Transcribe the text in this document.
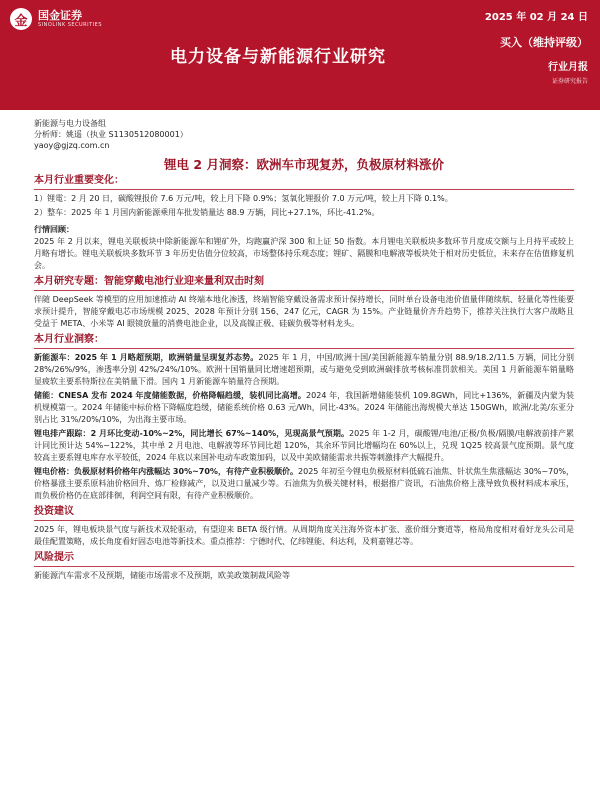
金 国金证券
SINOLINK SECURITIES
2025 年 02 月 24 日
电力设备与新能源行业研究
买入（维持评级）
行业月报
证券研究报告
新能源与电力设备组
分析师：姚遥（执业 S1130512080001）
yaoy@gjzq.com.cn
锂电 2 月洞察：欧洲车市现复苏，负极原材料涨价
本月行业重要变化：

1）锂電：2 月 20 日，碳酸锂报价 7.6 万元/吨，较上月下降 0.9%；氢氧化锂报价 7.0 万元/吨，较上月下降 0.1%。

2）整车：2025 年 1 月国内新能源乘用车批发销量达 88.9 万辆，同比+27.1%，环比-41.2%。

行情回顾：

2025 年 2 月以来，锂电关联板块中除新能源车和锂矿外，均跑赢沪深 300 和上证 50 指数。本月锂电关联板块多数环节月度成交额与上月持平或较上月略有增长。锂电关联板块多数环节 3 年历史估值分位较高，市场整体持乐观态度；锂矿、隔膜和电解液等板块处于相对历史低位，未来存在估值修复机会。

本月研究专题：智能穿戴电池行业迎来量利双击时刻

伴随 DeepSeek 等模型的应用加速推动 AI 终端本地化渗透，终端智能穿戴设备需求预计保持增长，同时单台设备电池价值量伴随续航、轻量化等性能要求预计提升，智能穿戴电芯市场规模 2025、2028 年预计分别 156、247 亿元，CAGR 为 15%。产业链量价齐升趋势下，推荐关注执行大客户战略且受益于 META、小米等 AI 眼镜放量的消费电池企业，以及高镍正极、硅碳负极等材料龙头。

本月行业洞察：

新能源车：2025 年 1 月略超预期，欧洲销量呈现复苏态势。2025 年 1 月，中国/欧洲十国/美国新能源车销量分别 88.9/18.2/11.5 万辆，同比分别 28%/26%/9%，渗透率分别 42%/24%/10%。欧洲十国销量同比增速超预期，或与避免受到欧洲碳排放考核标准罚款相关。美国 1 月新能源车销量略显疲软主要系特斯拉在美销量下滑。国内 1 月新能源车销量符合预期。

储能：CNESA 发布 2024 年度储能数据，价格降幅趋缓，装机同比高增。2024 年，我国新增储能装机 109.8GWh，同比+136%，新疆及内蒙为装机规模第一。2024 年储能中标价格下降幅度趋缓，储能系统价格 0.63 元/Wh，同比-43%。2024 年储能出海规模大单达 150GWh，欧洲/北美/东亚分别占比 31%/20%/10%，为出海主要市场。

锂电排产跟踪：2 月环比变动-10%~2%，同比增长 67%~140%，见现高景气预期。2025 年 1-2 月，碳酸锂/电池/正极/负极/隔膜/电解液前排产累计同比预计达 54%~122%，其中单 2 月电池、电解液等环节同比超 120%，其余环节同比增幅均在 60%以上，兑现 1Q25 较高景气度预期。景气度较高主要系锂电库存水平较低，2024 年底以来国补电动车政策加码，以及中美欧储能需求共振等刺激排产大幅提升。

锂电价格：负极原材料价格年内涨幅达 30%~70%，有待产业积极顺价。2025 年初至今锂电负极原材料低硫石油焦、针状焦生焦涨幅达 30%~70%，价格暴涨主要系原料油价格回升、炼厂检修减产，以及进口量减少等。石油焦为负极关键材料，根据推广资讯，石油焦价格上涨导致负极材料成本承压，而负极价格仍在底部徘徊，利润空间有限，有待产业积极顺价。

投资建议

2025 年，锂电板块景气度与新技术双轮驱动，有望迎来 BETA 级行情。从周期角度关注海外资本扩张、涨价细分赛道等，格局角度相对看好龙头公司是最佳配置策略，成长角度看好固态电池等新技术。重点推荐：宁德时代、亿纬锂能、科达利，及莉嘉锂芯等。

风险提示

新能源汽车需求不及预期，储能市场需求不及预期，欧美政策制裁风险等
